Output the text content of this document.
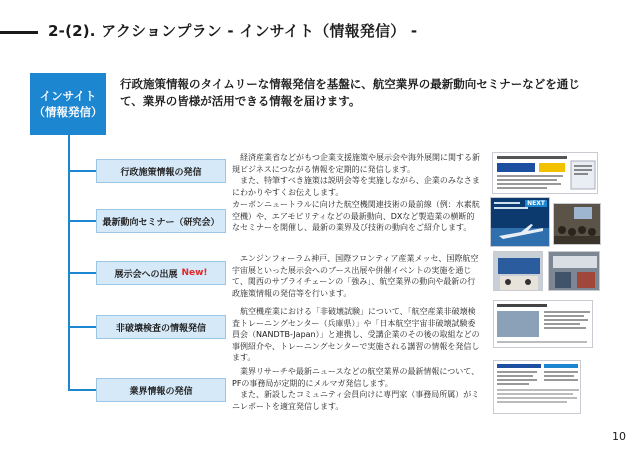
2-(2). アクションプラン - インサイト（情報発信） -
インサイト
（情報発信）
行政施策情報のタイムリーな情報発信を基盤に、航空業界の最新動向セミナーなどを通じて、業界の皆様が活用できる情報を届けます。
行政施策情報の発信
　経済産業省などがもつ企業支援施策や展示会や海外展開に関する新規ビジネスにつながる情報を定期的に発信します。
　また、特筆すべき施策は説明会等を実施しながら、企業のみなさまにわかりやすくお伝えします。
最新動向セミナー（研究会）
カーボンニュートラルに向けた航空機関連技術の最前線（例：水素航空機）や、エアモビリティなどの最新動向、DXなど製造業の横断的なセミナーを開催し、最新の業界及び技術の動向をご紹介します。
展示会への出展 New!
　エンジンフォーラム神戸、国際フロンティア産業メッセ、国際航空宇宙展といった展示会へのブース出展や併催イベントの実施を通じて、関西のサプライチェーンの「強み」、航空業界の動向や最新の行政施策情報の発信等を行います。
非破壊検査の情報発信
　航空機産業における「非破壊試験」について、「航空産業非破壊検査トレーニングセンター（兵庫県）」や「日本航空宇宙非破壊試験委員会（NANDTB-Japan）」と連携し、受講企業のその後の取組などの事例紹介や、トレーニングセンターで実施される講習の情報を発信します。
業界情報の発信
　業界リサーチや最新ニュースなどの航空業界の最新情報について、PFの事務局が定期的にメルマガ発信します。
　また、新設したコミュニティ会員向けに専門家（事務局所属）がミニレポートを適宜発信します。
NEXT
10
